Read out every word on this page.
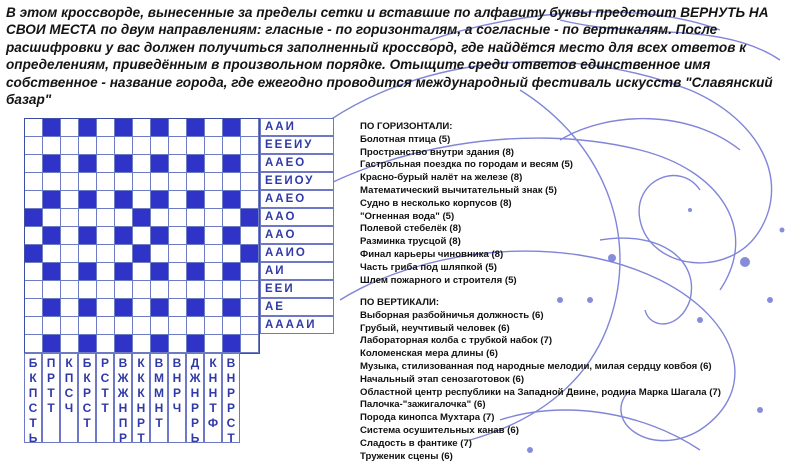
В этом кроссворде, вынесенные за пределы сетки и вставшие по алфавиту буквы предстоит ВЕРНУТЬ НА СВОИ МЕСТА по двум направлениям: гласные - по горизонталям, а согласные - по вертикалям. После расшифровки у вас должен получиться заполненный кроссворд, где найдётся место для всех ответов к определениям, приведённым в произвольном порядке. Отыщите среди ответов единственное имя собственное - название города, где ежегодно проводится международный фестиваль искусств "Славянский базар"

ААИ
ЕЕЕИУ
ААЕО
ЕЕИОУ
ААЕО
ААО
ААО
ААИО
АИ
ЕЕИ
АЕ
ААААИ
Б
К
П
С
Т
Ь
П
Р
Т
Т
К
П
С
Ч
Б
К
Р
С
Т
Р
С
Т
Т
В
Ж
Ж
Н
П
Р
К
К
К
Н
Р
Т
В
М
М
Н
Т
В
Н
Р
Ч
Д
Ж
Н
Р
Р
Ь
К
Н
Н
Т
Ф
В
Н
Р
Р
С
Т
ПО ГОРИЗОНТАЛИ:
Болотная птица (5)
Пространство внутри здания (8)
Гастрольная поездка по городам и весям (5)
Красно-бурый налёт на железе (8)
Математический вычитательный знак (5)
Судно в несколько корпусов (8)
"Огненная вода" (5)
Полевой стебелёк (8)
Разминка трусцой (8)
Финал карьеры чиновника (8)
Часть гриба под шляпкой (5)
Шлем пожарного и строителя (5)
ПО ВЕРТИКАЛИ:
Выборная разбойничья должность (6)
Грубый, неучтивый человек (6)
Лабораторная колба с трубкой набок (7)
Коломенская мера длины (6)
Музыка, стилизованная под народные мелодии, милая сердцу ковбоя (6)
Начальный этап сенозаготовок (6)
Областной центр республики на Западной Двине, родина Марка Шагала (7)
Палочка-"зажигалочка" (6)
Порода кинопса Мухтара (7)
Система осушительных канав (6)
Сладость в фантике (7)
Труженик сцены (6)
